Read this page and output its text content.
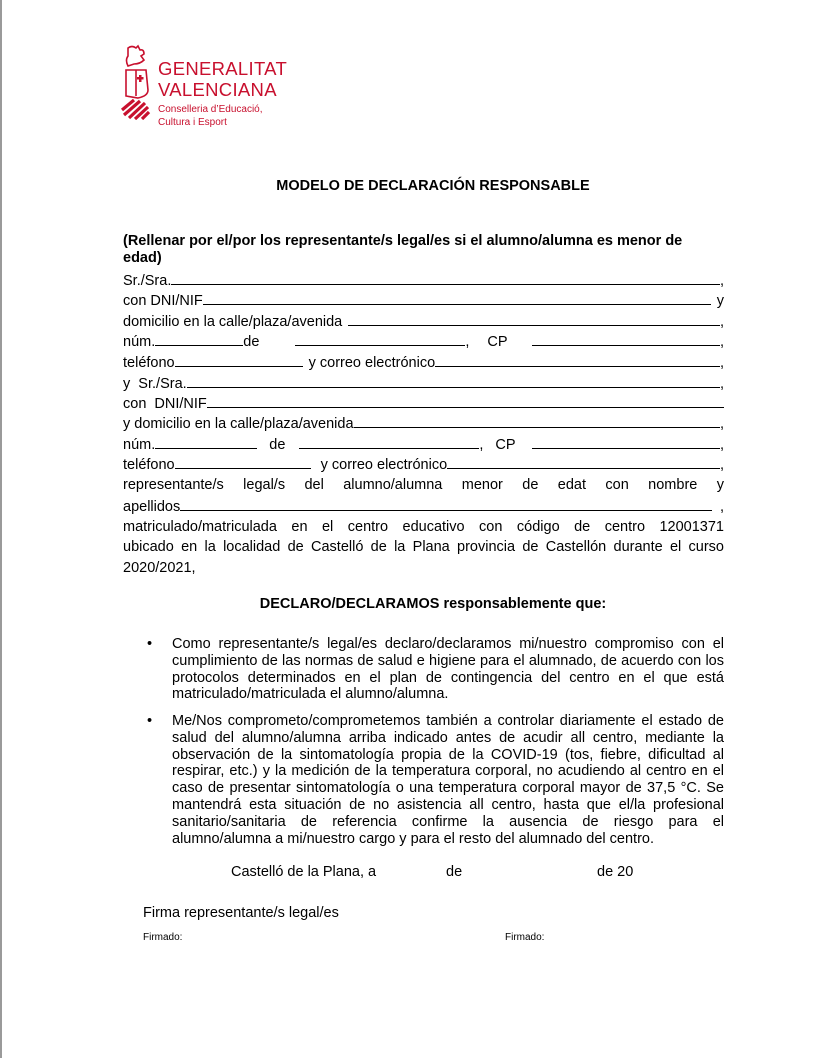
GENERALITAT
VALENCIANA
Conselleria d’Educació,
Cultura i Esport
MODELO DE DECLARACIÓN RESPONSABLE
(Rellenar por el/por los representante/s legal/es si el alumno/alumna es menor de edad)
Sr./Sra.	,
con DNI/NIF	y
domicilio en la calle/plaza/avenida	,
núm.	de	, CP	,
teléfono	y correo electrónico	,
y  Sr./Sra.	,
con  DNI/NIF
y domicilio en la calle/plaza/avenida	,
núm.	de	, CP	,
teléfono	y correo electrónico	,
representante/s legal/s del alumno/alumna menor de edat con nombre y
apellidos	,
matriculado/matriculada en el centro educativo con código de centro 12001371
ubicado en la localidad de Castelló de la Plana provincia de Castellón durante el curso
2020/2021,
DECLARO/DECLARAMOS responsablemente que:
• Como representante/s legal/es declaro/declaramos mi/nuestro compromiso con el cumplimiento de las normas de salud e higiene para el alumnado, de acuerdo con los protocolos determinados en el plan de contingencia del centro en el que está matriculado/matriculada el alumno/alumna.
• Me/Nos comprometo/comprometemos también a controlar diariamente el estado de salud del alumno/alumna arriba indicado antes de acudir all centro, mediante la observación de la sintomatología propia de la COVID-19 (tos, fiebre, dificultad al respirar, etc.) y la medición de la temperatura corporal, no acudiendo al centro en el caso de presentar sintomatología o una temperatura corporal mayor de 37,5 °C. Se mantendrá esta situación de no asistencia all centro, hasta que el/la profesional sanitario/sanitaria de referencia confirme la ausencia de riesgo para el alumno/alumna a mi/nuestro cargo y para el resto del alumnado del centro.
Castelló de la Plana, a	de	de 20
Firma representante/s legal/es
Firmado:	Firmado:
